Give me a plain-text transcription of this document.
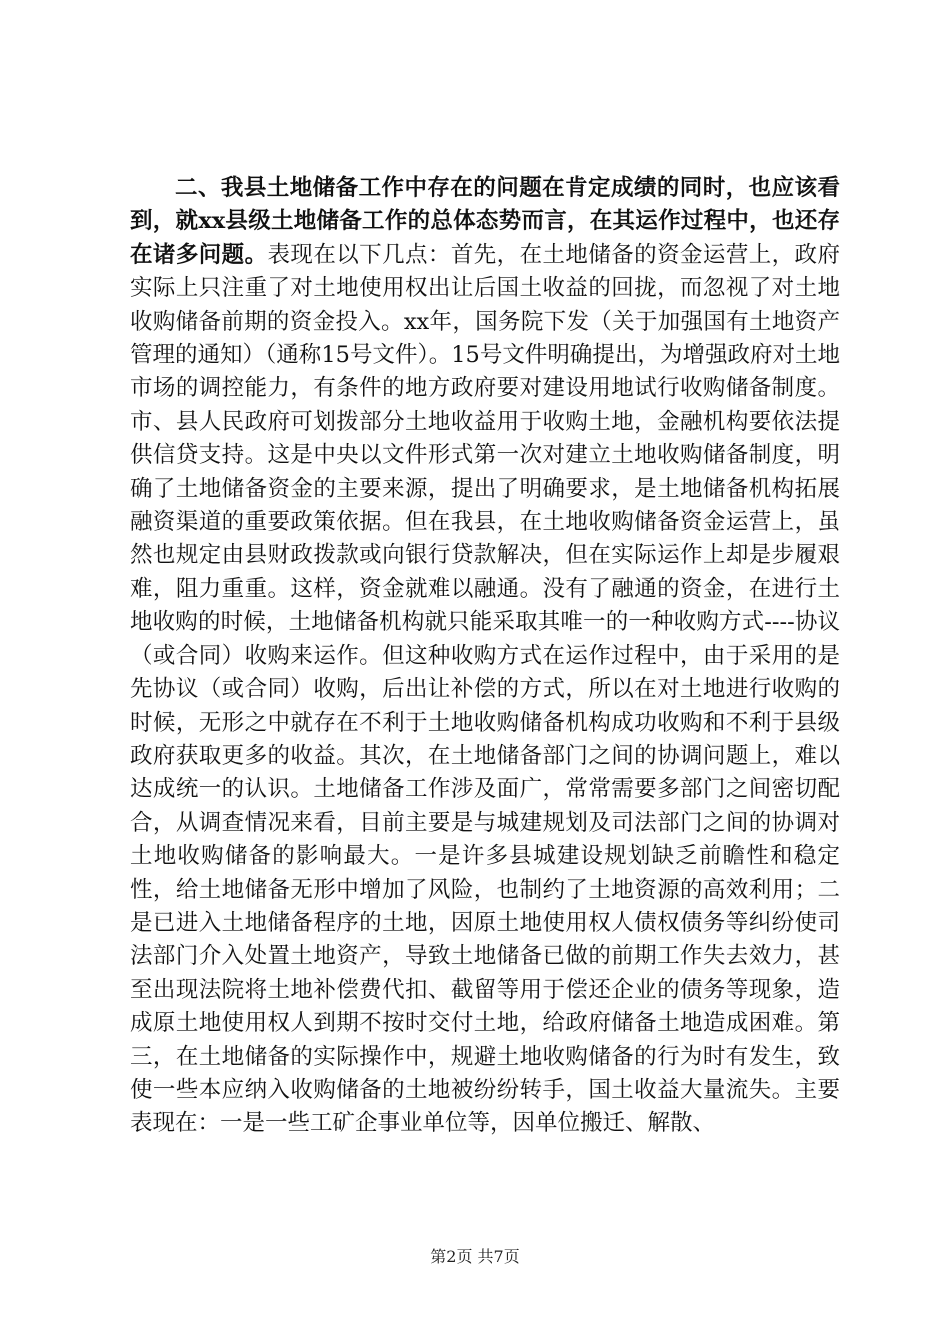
二、我县土地储备工作中存在的问题在肯定成绩的同时，也应该看到，就xx县级土地储备工作的总体态势而言，在其运作过程中，也还存在诸多问题。表现在以下几点：首先，在土地储备的资金运营上，政府实际上只注重了对土地使用权出让后国土收益的回拢，而忽视了对土地收购储备前期的资金投入。xx年，国务院下发（关于加强国有土地资产管理的通知）（通称15号文件）。15号文件明确提出，为增强政府对土地市场的调控能力，有条件的地方政府要对建设用地试行收购储备制度。市、县人民政府可划拨部分土地收益用于收购土地，金融机构要依法提供信贷支持。这是中央以文件形式第一次对建立土地收购储备制度，明确了土地储备资金的主要来源，提出了明确要求，是土地储备机构拓展融资渠道的重要政策依据。但在我县，在土地收购储备资金运营上，虽然也规定由县财政拨款或向银行贷款解决，但在实际运作上却是步履艰难，阻力重重。这样，资金就难以融通。没有了融通的资金，在进行土地收购的时候，土地储备机构就只能采取其唯一的一种收购方式----协议（或合同）收购来运作。但这种收购方式在运作过程中，由于采用的是先协议（或合同）收购，后出让补偿的方式，所以在对土地进行收购的时候，无形之中就存在不利于土地收购储备机构成功收购和不利于县级政府获取更多的收益。其次，在土地储备部门之间的协调问题上，难以达成统一的认识。土地储备工作涉及面广，常常需要多部门之间密切配合，从调查情况来看，目前主要是与城建规划及司法部门之间的协调对土地收购储备的影响最大。一是许多县城建设规划缺乏前瞻性和稳定性，给土地储备无形中增加了风险，也制约了土地资源的高效利用；二是已进入土地储备程序的土地，因原土地使用权人债权债务等纠纷使司法部门介入处置土地资产，导致土地储备已做的前期工作失去效力，甚至出现法院将土地补偿费代扣、截留等用于偿还企业的债务等现象，造成原土地使用权人到期不按时交付土地，给政府储备土地造成困难。第三，在土地储备的实际操作中，规避土地收购储备的行为时有发生，致使一些本应纳入收购储备的土地被纷纷转手，国土收益大量流失。主要表现在：一是一些工矿企事业单位等，因单位搬迁、解散、

第2页 共7页
